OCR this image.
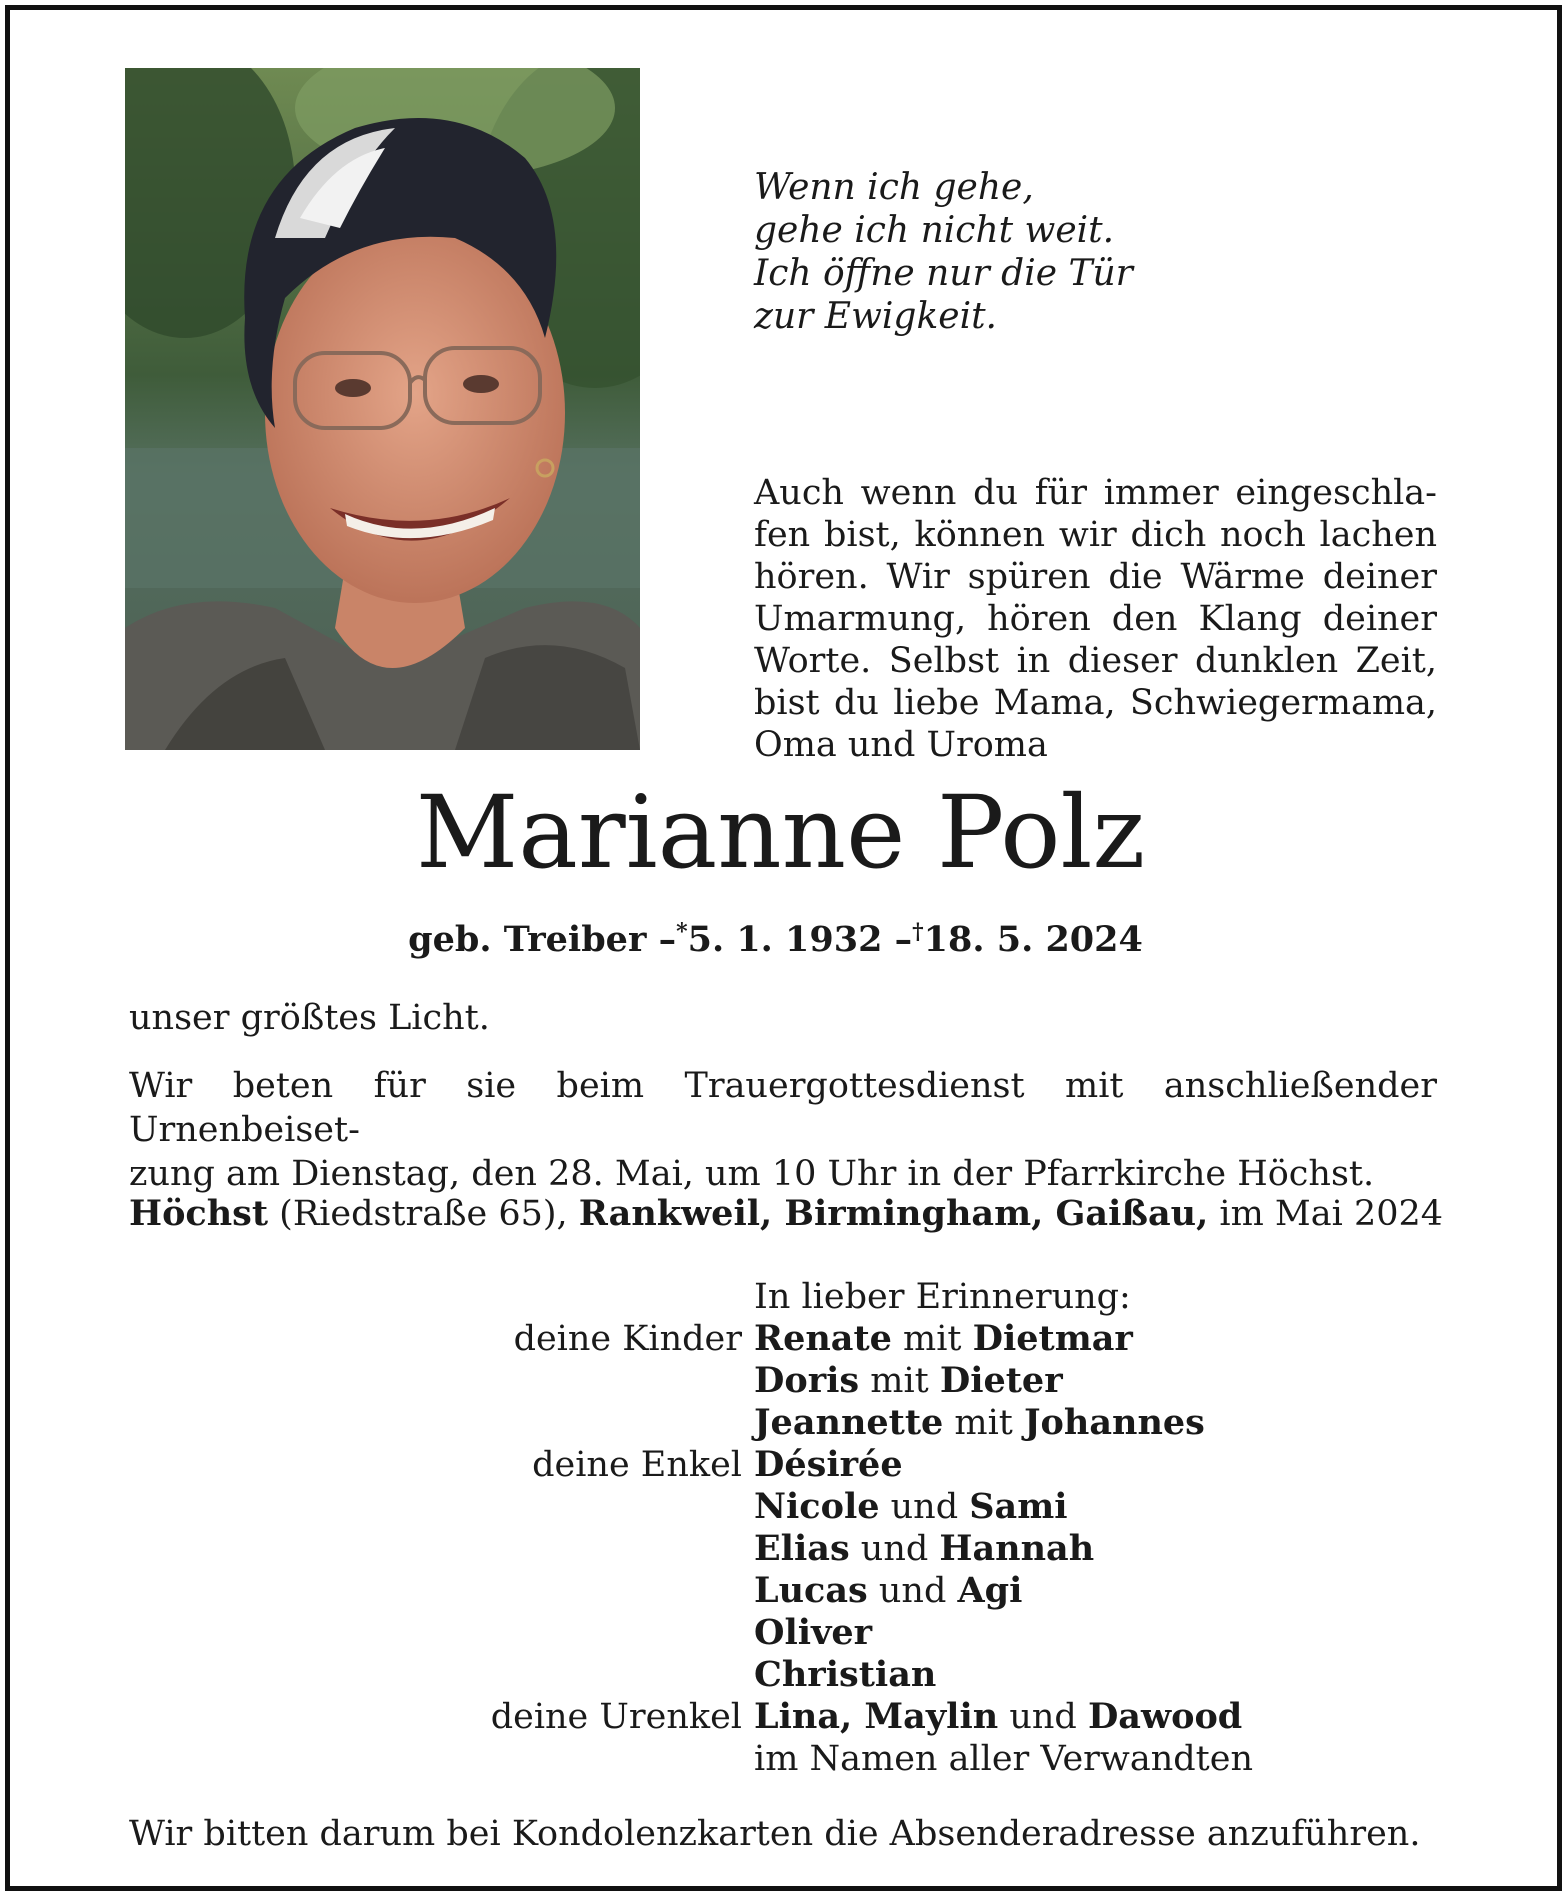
Wenn ich gehe,
gehe ich nicht weit.
Ich öffne nur die Tür
zur Ewigkeit.
Auch wenn du für immer eingeschla-
fen bist, können wir dich noch lachen
hören. Wir spüren die Wärme deiner
Umarmung, hören den Klang deiner
Worte. Selbst in dieser dunklen Zeit,
bist du liebe Mama, Schwiegermama,
Oma und Uroma
Marianne Polz
geb. Treiber –*5. 1. 1932 –†18. 5. 2024
unser größtes Licht.
Wir beten für sie beim Trauergottesdienst mit anschließender Urnenbeiset-
zung am Dienstag, den 28. Mai, um 10 Uhr in der Pfarrkirche Höchst.
Höchst (Riedstraße 65), Rankweil, Birmingham, Gaißau, im Mai 2024
In lieber Erinnerung:
deine Kinder Renate mit Dietmar
Doris mit Dieter
Jeannette mit Johannes
deine Enkel Désirée
Nicole und Sami
Elias und Hannah
Lucas und Agi
Oliver
Christian
deine Urenkel Lina, Maylin und Dawood
im Namen aller Verwandten
Wir bitten darum bei Kondolenzkarten die Absenderadresse anzuführen.
